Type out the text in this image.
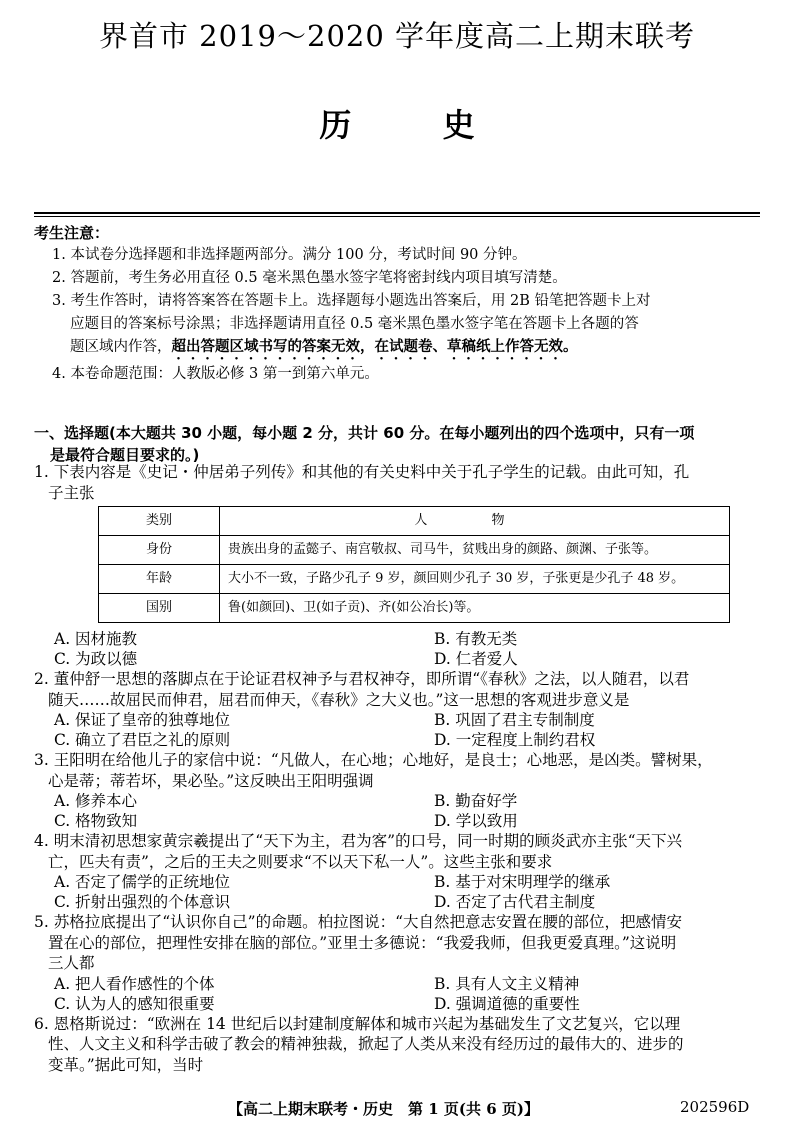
界首市 2019～2020 学年度高二上期末联考
历 史
考生注意：
1. 本试卷分选择题和非选择题两部分。满分 100 分，考试时间 90 分钟。
2. 答题前，考生务必用直径 0.5 毫米黑色墨水签字笔将密封线内项目填写清楚。
3. 考生作答时，请将答案答在答题卡上。选择题每小题选出答案后，用 2B 铅笔把答题卡上对
应题目的答案标号涂黑；非选择题请用直径 0.5 毫米黑色墨水签字笔在答题卡上各题的答
题区域内作答，超出答题区域书写的答案无效，在试题卷、草稿纸上作答无效。
4. 本卷命题范围：人教版必修 3 第一到第六单元。
一、选择题(本大题共 30 小题，每小题 2 分，共计 60 分。在每小题列出的四个选项中，只有一项
是最符合题目要求的。)
1. 下表内容是《史记・仲居弟子列传》和其他的有关史料中关于孔子学生的记载。由此可知，孔
子主张
类别	人 物
身份	贵族出身的孟懿子、南宫敬叔、司马牛，贫贱出身的颜路、颜渊、子张等。
年龄	大小不一致，子路少孔子 9 岁，颜回则少孔子 30 岁，子张更是少孔子 48 岁。
国别	鲁(如颜回)、卫(如子贡)、齐(如公冶长)等。
A. 因材施教	B. 有教无类
C. 为政以德	D. 仁者爱人
2. 董仲舒一思想的落脚点在于论证君权神予与君权神夺，即所谓“《春秋》之法，以人随君，以君
随天……故屈民而伸君，屈君而伸天，《春秋》之大义也。”这一思想的客观进步意义是
A. 保证了皇帝的独尊地位	B. 巩固了君主专制制度
C. 确立了君臣之礼的原则	D. 一定程度上制约君权
3. 王阳明在给他儿子的家信中说：“凡做人，在心地；心地好，是良士；心地恶，是凶类。譬树果，
心是蒂；蒂若坏，果必坠。”这反映出王阳明强调
A. 修养本心	B. 勤奋好学
C. 格物致知	D. 学以致用
4. 明末清初思想家黄宗羲提出了“天下为主，君为客”的口号，同一时期的顾炎武亦主张“天下兴
亡，匹夫有责”，之后的王夫之则要求“不以天下私一人”。这些主张和要求
A. 否定了儒学的正统地位	B. 基于对宋明理学的继承
C. 折射出强烈的个体意识	D. 否定了古代君主制度
5. 苏格拉底提出了“认识你自己”的命题。柏拉图说：“大自然把意志安置在腰的部位，把感情安
置在心的部位，把理性安排在脑的部位。”亚里士多德说：“我爱我师，但我更爱真理。”这说明
三人都
A. 把人看作感性的个体	B. 具有人文主义精神
C. 认为人的感知很重要	D. 强调道德的重要性
6. 恩格斯说过：“欧洲在 14 世纪后以封建制度解体和城市兴起为基础发生了文艺复兴，它以理
性、人文主义和科学击破了教会的精神独裁，掀起了人类从来没有经历过的最伟大的、进步的
变革。”据此可知，当时
【高二上期末联考・历史　第 1 页(共 6 页)】	202596D
